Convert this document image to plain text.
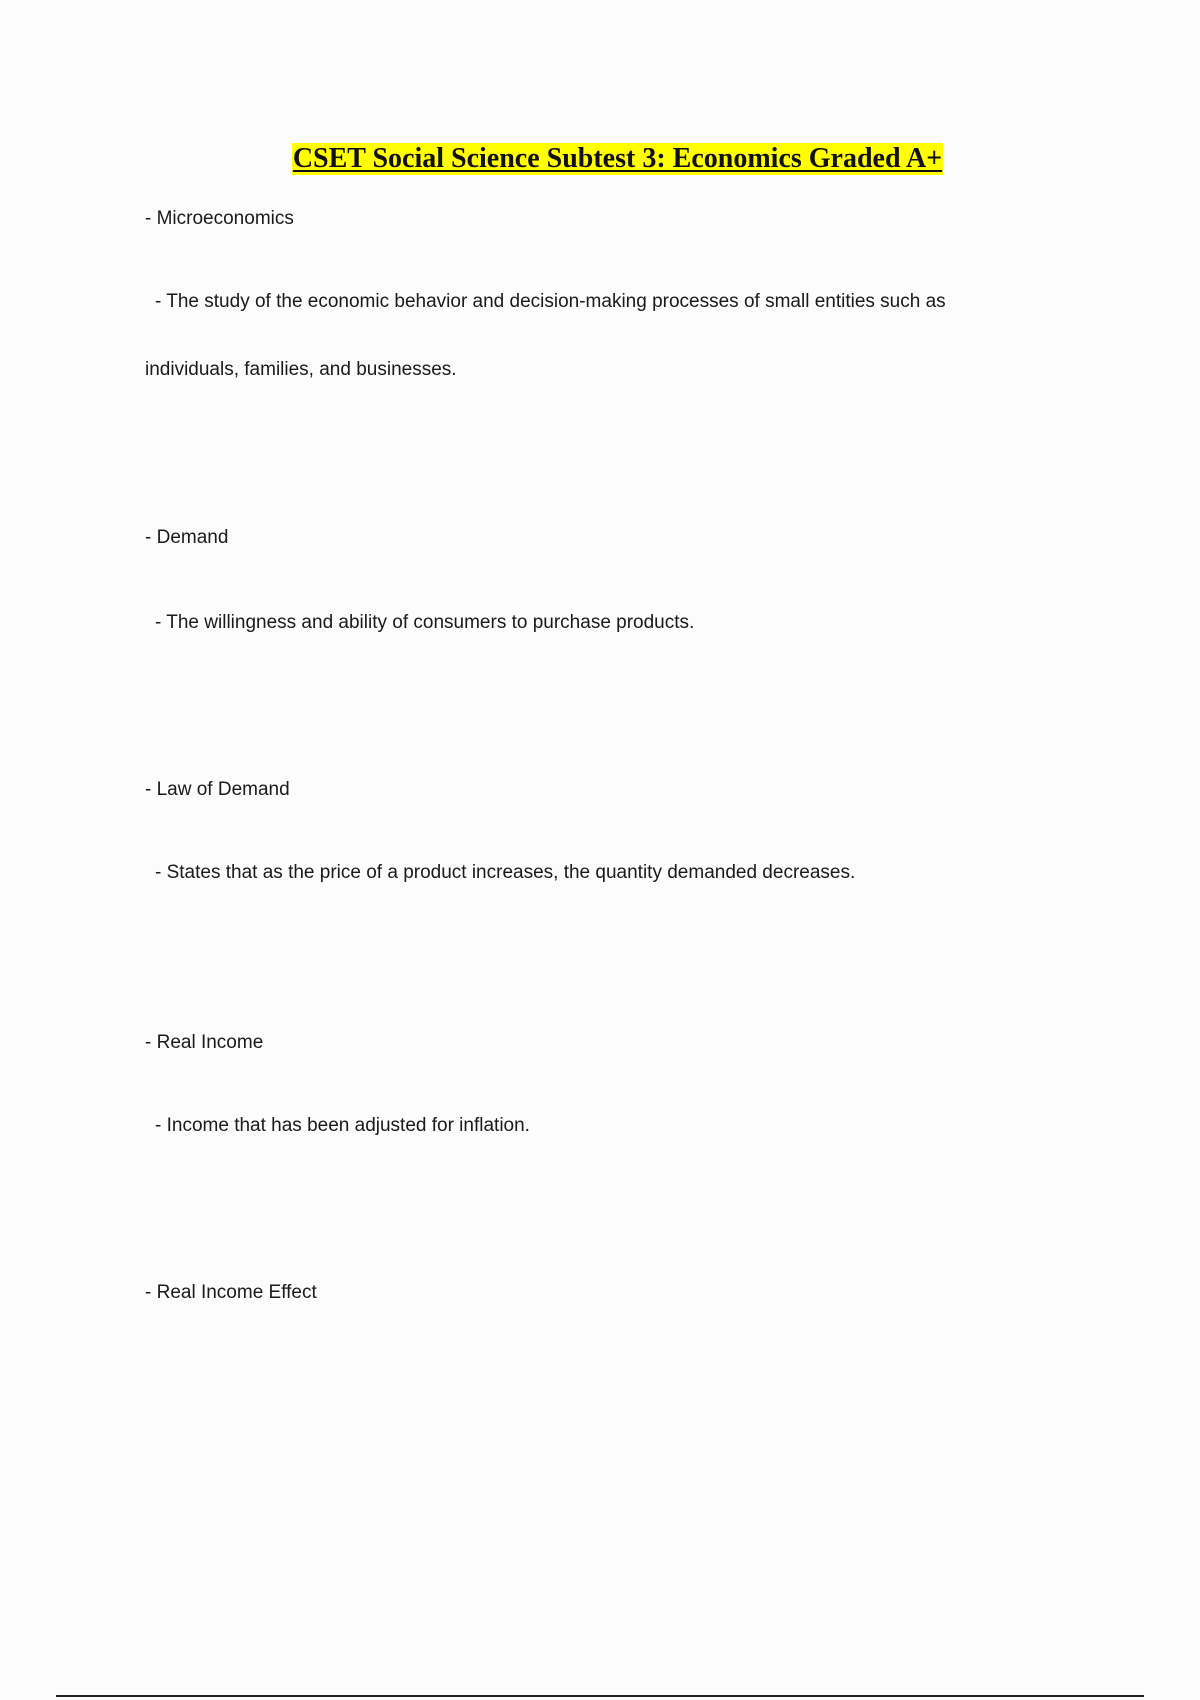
CSET Social Science Subtest 3: Economics Graded A+
- Microeconomics
- The study of the economic behavior and decision-making processes of small entities such as
individuals, families, and businesses.
- Demand
- The willingness and ability of consumers to purchase products.
- Law of Demand
- States that as the price of a product increases, the quantity demanded decreases.
- Real Income
- Income that has been adjusted for inflation.
- Real Income Effect
